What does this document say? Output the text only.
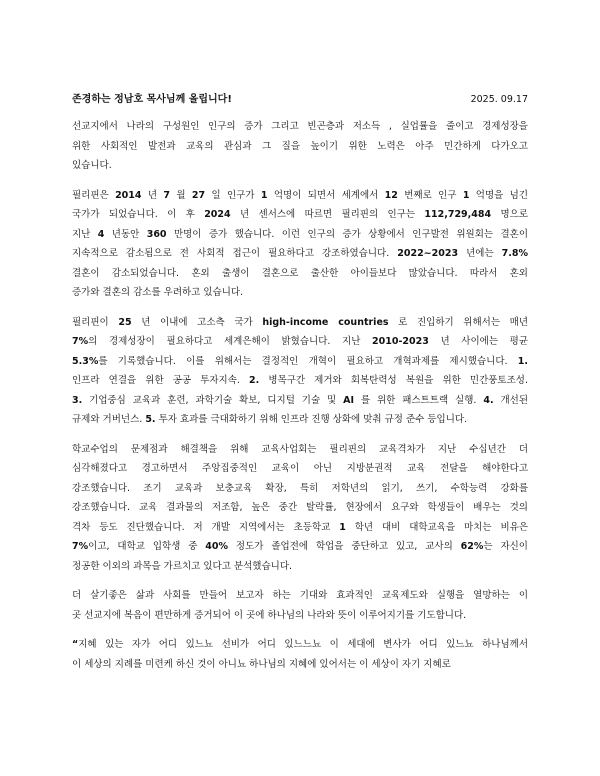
존경하는 정남호 목사님께 올립니다!	2025. 09.17
선교지에서 나라의 구성원인 인구의 증가 그리고 빈곤층과 저소득 , 실업률을 줄이고 경제성장을
위한 사회적인 발전과 교육의 관심과 그 질을 높이기 위한 노력은 아주 민간하게 다가오고
있습니다.
필리핀은 2014 년 7 월 27 일 인구가 1 억명이 되면서 세계에서 12 번째로 인구 1 억명을 넘긴
국가가 되었습니다. 이 후 2024 년 센서스에 따르면 필리핀의 인구는 112,729,484 명으로
지난 4 년동안 360 만명이 증가 했습니다. 이런 인구의 증가 상황에서 인구발전 위원회는 결혼이
지속적으로 감소됨으로 전 사회적 접근이 필요하다고 강조하였습니다. 2022~2023 년에는 7.8%
결혼이 감소되었습니다. 혼외 출생이 결혼으로 출산한 아이들보다 많았습니다. 따라서 혼외
증가와 결혼의 감소를 우려하고 있습니다.
필리핀이 25 년 이내에 고소측 국가 high-income countries 로 진입하기 위해서는 매년
7%의 경제성장이 필요하다고 세계은해이 밝혔습니다. 지난 2010-2023 년 사이에는 평균
5.3%를 기록했습니다. 이를 위해서는 결정적인 개혁이 필요하고 개혁과제를 제시했습니다. 1.
인프라 연결을 위한 공공 투자지속. 2. 병목구간 제거와 회복탄력성 복원을 위한 민간풍토조성.
3. 기업중심 교육과 훈련, 과학기술 확보, 디지털 기술 및 AI 를 위한 패스트트랙 실행. 4. 개선된
규제와 거버넌스. 5. 투자 효과를 극대화하기 위해 인프라 진행 상화에 맞춰 규정 준수 등입니다.
학교수업의 문제점과 해결책을 위해 교육사업회는 필리핀의 교육격차가 지난 수십년간 더
심각해졌다고 경고하면서 주앙집중적인 교육이 아닌 지방분권적 교육 전달을 해야한다고
강조했습니다. 조기 교육과 보충교육 확장, 특히 저학년의 읽기, 쓰기, 수학능력 강화를
강조했습니다. 교육 결과물의 저조함, 높은 중간 탈락률, 현장에서 요구와 학생들이 배우는 것의
격차 등도 진단했습니다. 저 개발 지역에서는 초등학교 1 학년 대비 대학교육을 마치는 비유은
7%이고, 대학교 입학생 중 40% 정도가 졸업전에 학업을 중단하고 있고, 교사의 62%는 자신이
정공한 이외의 과목을 가르치고 있다고 분석했습니다.
더 살기좋은 삶과 사회를 만들어 보고자 하는 기대와 효과적인 교육제도와 실행을 열망하는 이
곳 선교지에 복음이 편만하게 증거되어 이 곳에 하나님의 나라와 뜻이 이루어지기를 기도합니다.
“지혜 있는 자가 어디 있느뇨 선비가 어디 있느느뇨 이 세대에 변사가 어디 있느뇨 하나님께서
이 세상의 지례를 미련케 하신 것이 아니뇨 하나님의 지혜에 있어서는 이 세상이 자기 지혜로
